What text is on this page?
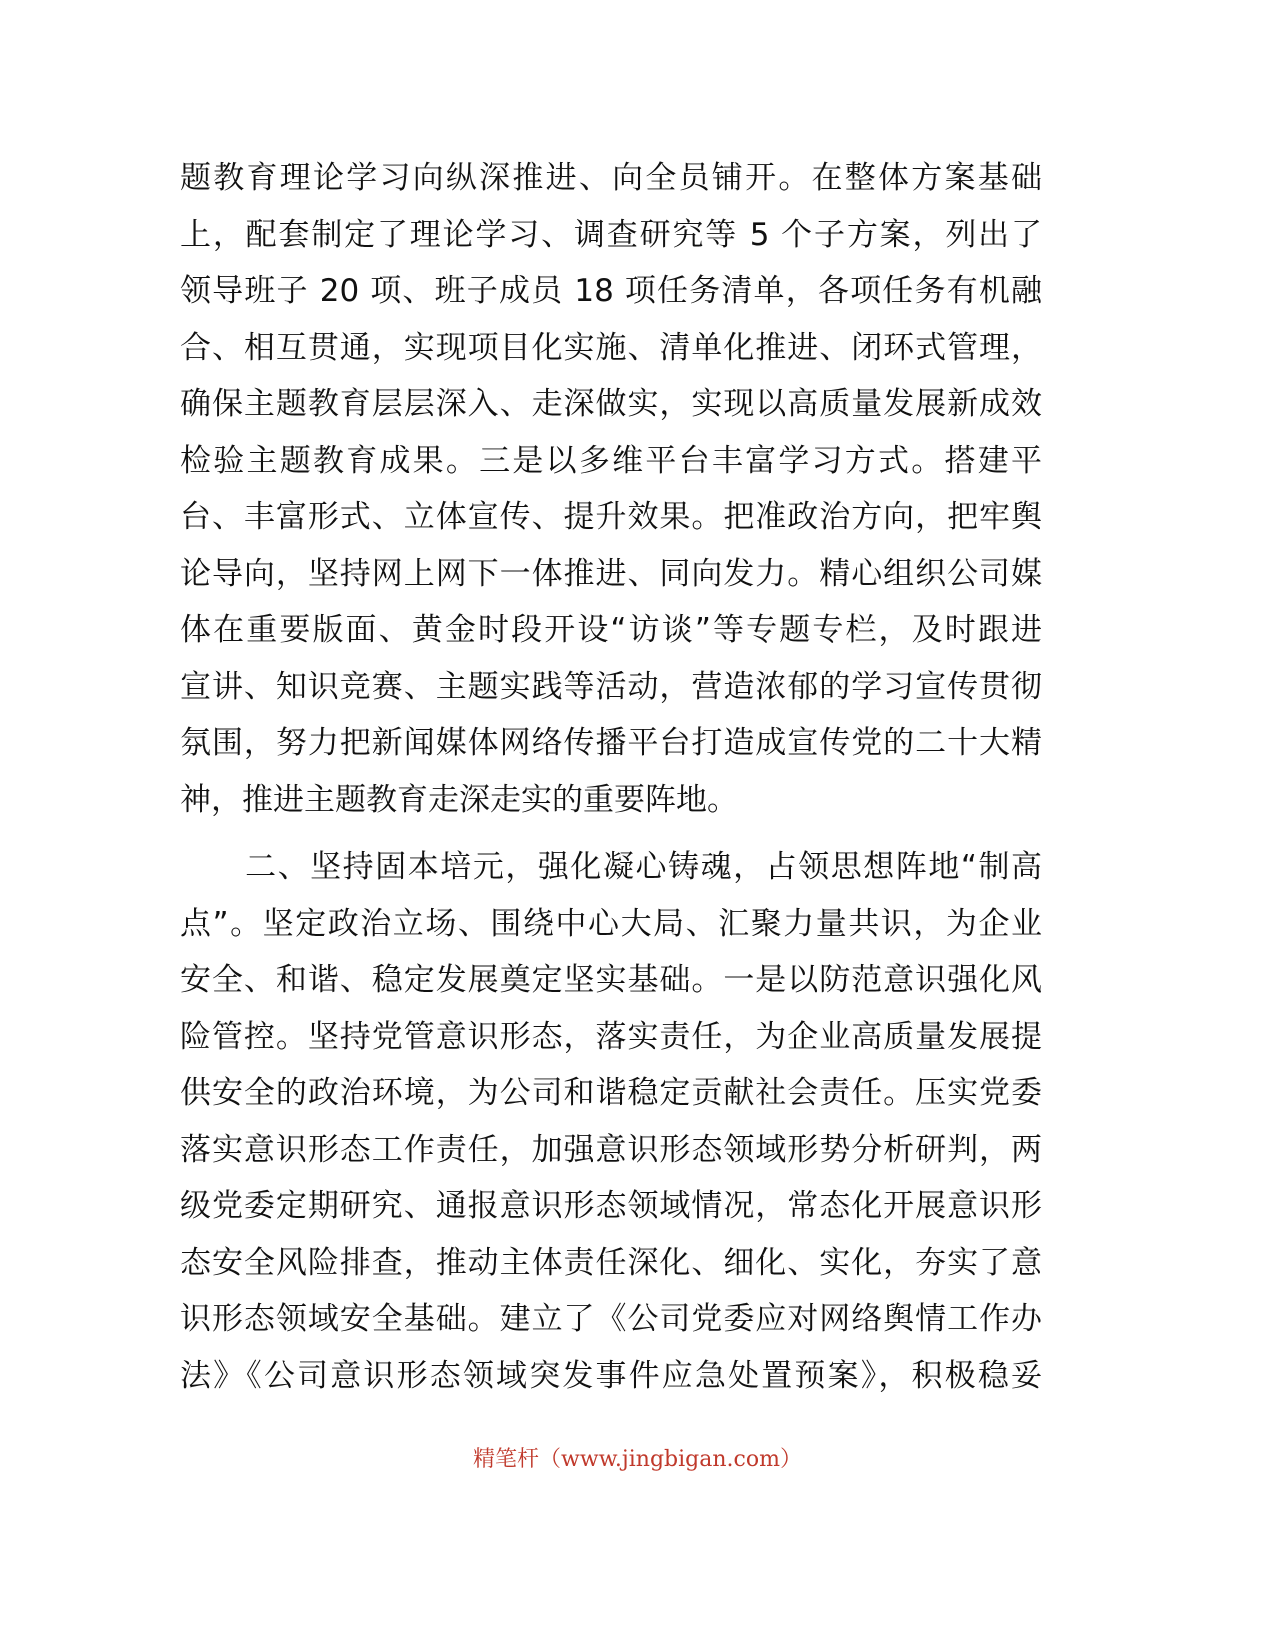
题教育理论学习向纵深推进、向全员铺开。在整体方案基础
上，配套制定了理论学习、调查研究等 5 个子方案，列出了
领导班子 20 项、班子成员 18 项任务清单，各项任务有机融
合、相互贯通，实现项目化实施、清单化推进、闭环式管理，
确保主题教育层层深入、走深做实，实现以高质量发展新成效
检验主题教育成果。三是以多维平台丰富学习方式。搭建平
台、丰富形式、立体宣传、提升效果。把准政治方向，把牢舆
论导向，坚持网上网下一体推进、同向发力。精心组织公司媒
体在重要版面、黄金时段开设“访谈”等专题专栏，及时跟进
宣讲、知识竞赛、主题实践等活动，营造浓郁的学习宣传贯彻
氛围，努力把新闻媒体网络传播平台打造成宣传党的二十大精
神，推进主题教育走深走实的重要阵地。
　　二、坚持固本培元，强化凝心铸魂，占领思想阵地“制高
点”。坚定政治立场、围绕中心大局、汇聚力量共识，为企业
安全、和谐、稳定发展奠定坚实基础。一是以防范意识强化风
险管控。坚持党管意识形态，落实责任，为企业高质量发展提
供安全的政治环境，为公司和谐稳定贡献社会责任。压实党委
落实意识形态工作责任，加强意识形态领域形势分析研判，两
级党委定期研究、通报意识形态领域情况，常态化开展意识形
态安全风险排查，推动主体责任深化、细化、实化，夯实了意
识形态领域安全基础。建立了《公司党委应对网络舆情工作办
法》《公司意识形态领域突发事件应急处置预案》，积极稳妥
精笔杆（www.jingbigan.com）
